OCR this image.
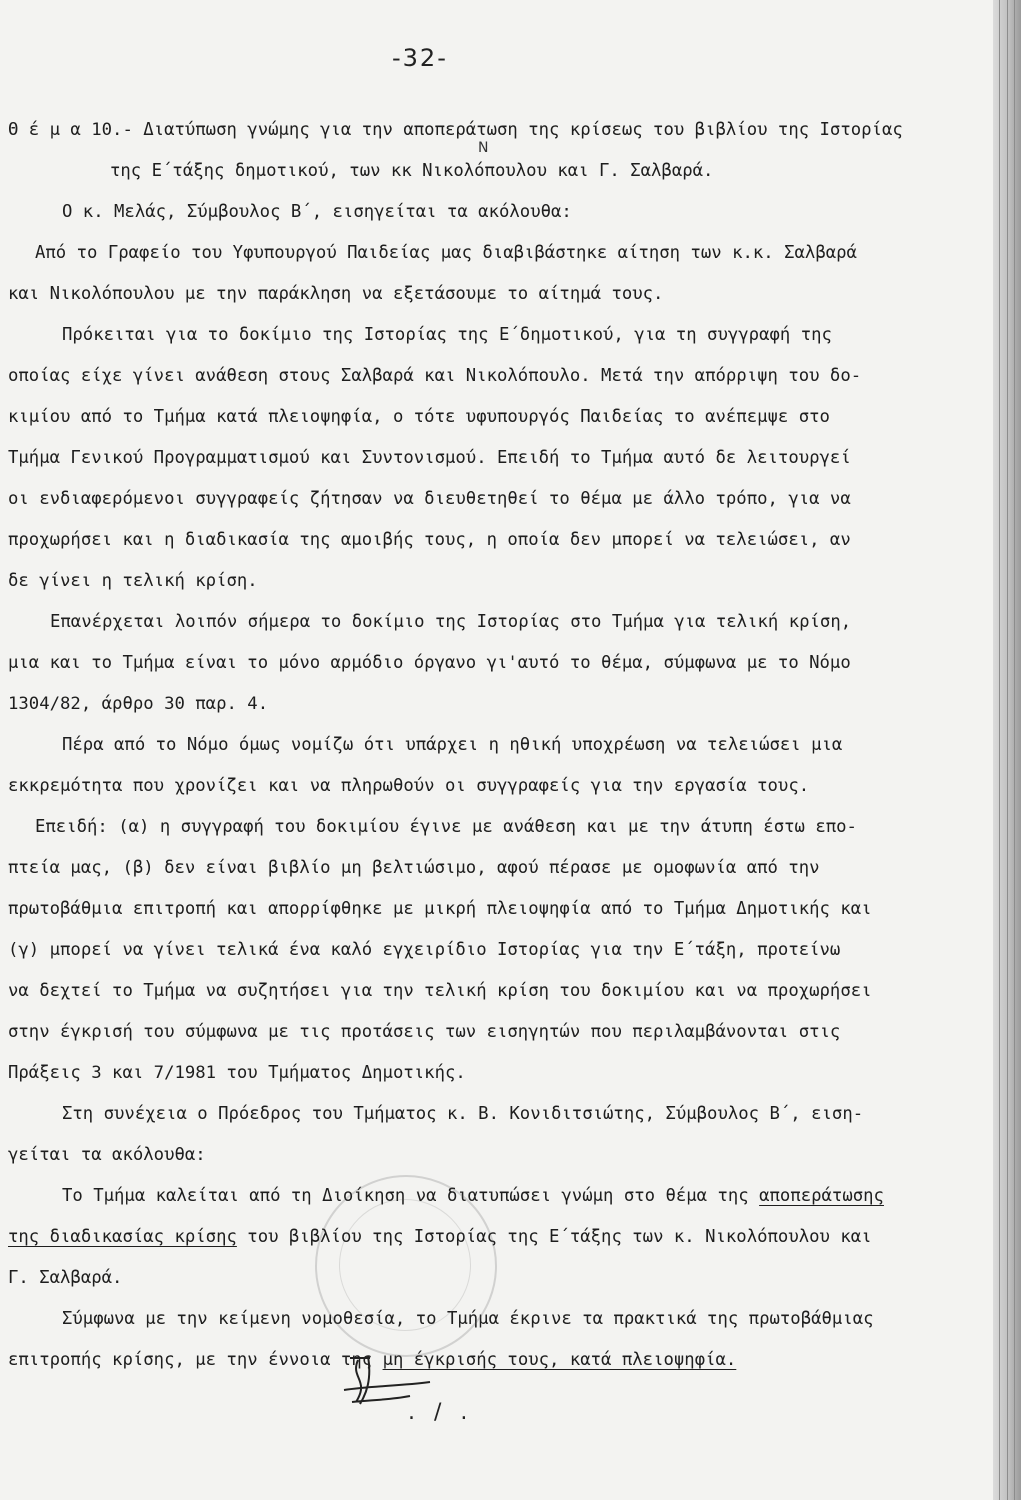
-32-
N
Θ έ μ α 10.- Διατύπωση γνώμης για την αποπεράτωση της κρίσεως του βιβλίου της Ιστορίας
της Ε΄τάξης δημοτικού, των κκ Νικολόπουλου και Γ. Σαλβαρά.
Ο κ. Μελάς, Σύμβουλος Β΄, εισηγείται τα ακόλουθα:
Από το Γραφείο του Υφυπουργού Παιδείας μας διαβιβάστηκε αίτηση των κ.κ. Σαλβαρά
και Νικολόπουλου με την παράκληση να εξετάσουμε το αίτημά τους.
Πρόκειται για το δοκίμιο της Ιστορίας της Ε΄δημοτικού, για τη συγγραφή της
οποίας είχε γίνει ανάθεση στους Σαλβαρά και Νικολόπουλο. Μετά την απόρριψη του δο-
κιμίου από το Τμήμα κατά πλειοψηφία, ο τότε υφυπουργός Παιδείας το ανέπεμψε στο
Τμήμα Γενικού Προγραμματισμού και Συντονισμού. Επειδή το Τμήμα αυτό δε λειτουργεί
οι ενδιαφερόμενοι συγγραφείς ζήτησαν να διευθετηθεί το θέμα με άλλο τρόπο, για να
προχωρήσει και η διαδικασία της αμοιβής τους, η οποία δεν μπορεί να τελειώσει, αν
δε γίνει η τελική κρίση.
Επανέρχεται λοιπόν σήμερα το δοκίμιο της Ιστορίας στο Τμήμα για τελική κρίση,
μια και το Τμήμα είναι το μόνο αρμόδιο όργανο γι'αυτό το θέμα, σύμφωνα με το Νόμο
1304/82, άρθρο 30 παρ. 4.
Πέρα από το Νόμο όμως νομίζω ότι υπάρχει η ηθική υποχρέωση να τελειώσει μια
εκκρεμότητα που χρονίζει και να πληρωθούν οι συγγραφείς για την εργασία τους.
Επειδή: (α) η συγγραφή του δοκιμίου έγινε με ανάθεση και με την άτυπη έστω επο-
πτεία μας, (β) δεν είναι βιβλίο μη βελτιώσιμο, αφού πέρασε με ομοφωνία από την
πρωτοβάθμια επιτροπή και απορρίφθηκε με μικρή πλειοψηφία από το Τμήμα Δημοτικής και
(γ) μπορεί να γίνει τελικά ένα καλό εγχειρίδιο Ιστορίας για την Ε΄τάξη, προτείνω
να δεχτεί το Τμήμα να συζητήσει για την τελική κρίση του δοκιμίου και να προχωρήσει
στην έγκρισή του σύμφωνα με τις προτάσεις των εισηγητών που περιλαμβάνονται στις
Πράξεις 3 και 7/1981 του Τμήματος Δημοτικής.
Στη συνέχεια ο Πρόεδρος του Τμήματος κ. Β. Κονιδιτσιώτης, Σύμβουλος Β΄, ειση-
γείται τα ακόλουθα:
Το Τμήμα καλείται από τη Διοίκηση να διατυπώσει γνώμη στο θέμα της αποπεράτωσης
της διαδικασίας κρίσης του βιβλίου της Ιστορίας της Ε΄τάξης των κ. Νικολόπουλου και
Γ. Σαλβαρά.
Σύμφωνα με την κείμενη νομοθεσία, το Τμήμα έκρινε τα πρακτικά της πρωτοβάθμιας
επιτροπής κρίσης, με την έννοια της μη έγκρισής τους, κατά πλειοψηφία.
. / .
